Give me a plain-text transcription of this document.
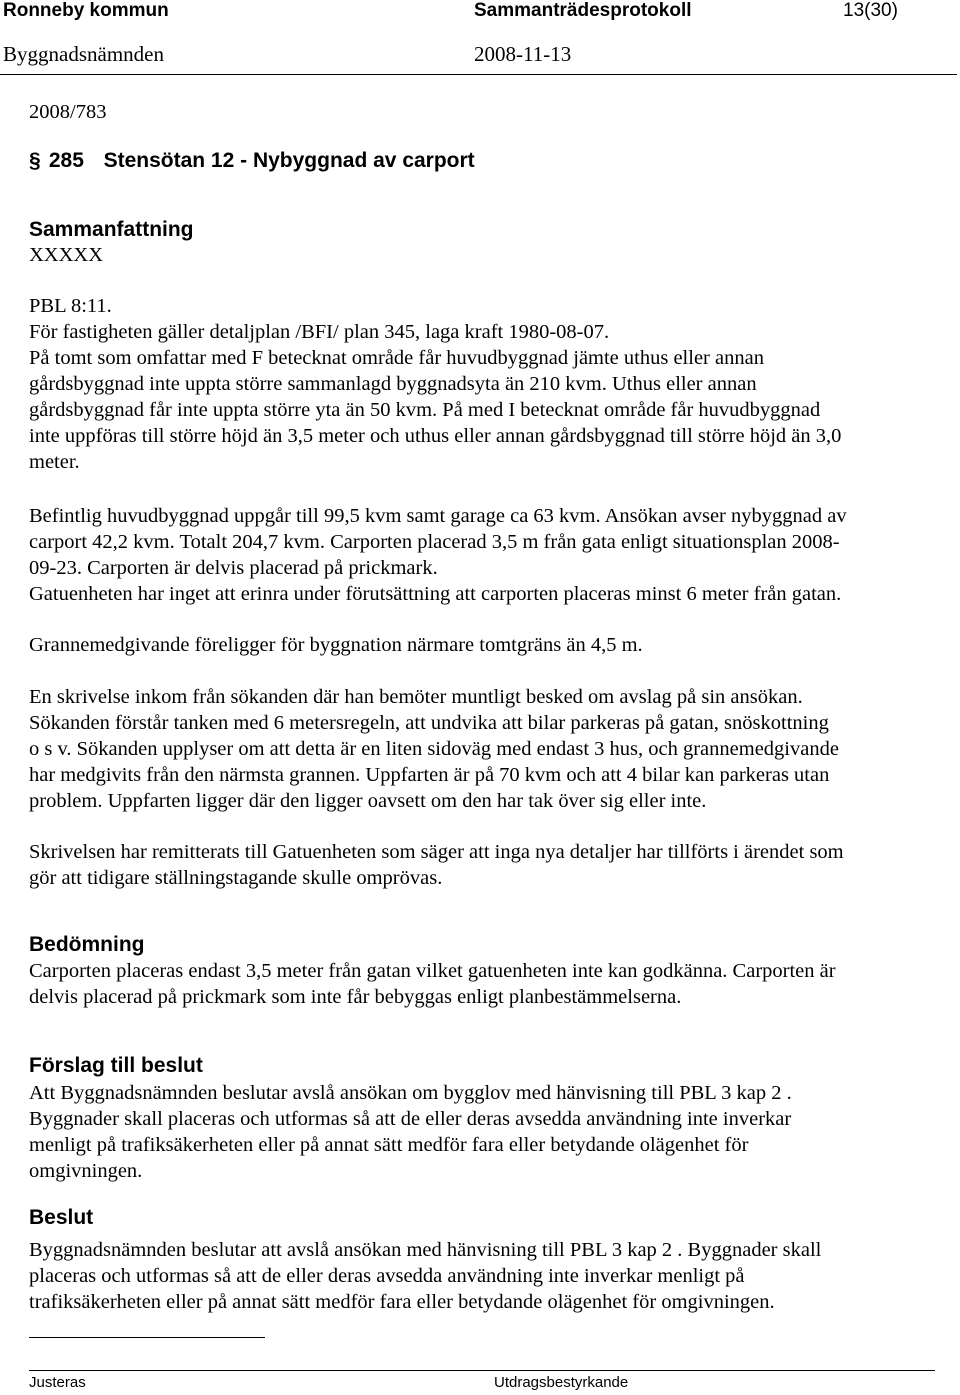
Ronneby kommun	Sammanträdesprotokoll	13(30)
Byggnadsnämnden	2008-11-13
2008/783
§ 285 Stensötan 12 - Nybyggnad av carport
Sammanfattning
XXXXX

PBL 8:11.

För fastigheten gäller detaljplan /BFI/ plan 345, laga kraft 1980-08-07.

På tomt som omfattar med F betecknat område får huvudbyggnad jämte uthus eller annan

gårdsbyggnad inte uppta större sammanlagd byggnadsyta än 210 kvm. Uthus eller annan

gårdsbyggnad får inte uppta större yta än 50 kvm. På med I betecknat område får huvudbyggnad

inte uppföras till större höjd än 3,5 meter och uthus eller annan gårdsbyggnad till större höjd än 3,0

meter.

Befintlig huvudbyggnad uppgår till 99,5 kvm samt garage ca 63 kvm. Ansökan avser nybyggnad av

carport 42,2 kvm. Totalt 204,7 kvm. Carporten placerad 3,5 m från gata enligt situationsplan 2008-

09-23. Carporten är delvis placerad på prickmark.

Gatuenheten har inget att erinra under förutsättning att carporten placeras minst 6 meter från gatan.

Grannemedgivande föreligger för byggnation närmare tomtgräns än 4,5 m.

En skrivelse inkom från sökanden där han bemöter muntligt besked om avslag på sin ansökan.

Sökanden förstår tanken med 6 metersregeln, att undvika att bilar parkeras på gatan, snöskottning

o s v. Sökanden upplyser om att detta är en liten sidoväg med endast 3 hus, och grannemedgivande

har medgivits från den närmsta grannen. Uppfarten är på 70 kvm och att 4 bilar kan parkeras utan

problem. Uppfarten ligger där den ligger oavsett om den har tak över sig eller inte.

Skrivelsen har remitterats till Gatuenheten som säger att inga nya detaljer har tillförts i ärendet som

gör att tidigare ställningstagande skulle omprövas.

Bedömning

Carporten placeras endast 3,5 meter från gatan vilket gatuenheten inte kan godkänna. Carporten är

delvis placerad på prickmark som inte får bebyggas enligt planbestämmelserna.

Förslag till beslut

Att Byggnadsnämnden beslutar avslå ansökan om bygglov med hänvisning till PBL 3 kap 2 .

Byggnader skall placeras och utformas så att de eller deras avsedda användning inte inverkar

menligt på trafiksäkerheten eller på annat sätt medför fara eller betydande olägenhet för

omgivningen.

Beslut

Byggnadsnämnden beslutar att avslå ansökan med hänvisning till PBL 3 kap 2 . Byggnader skall

placeras och utformas så att de eller deras avsedda användning inte inverkar menligt på

trafiksäkerheten eller på annat sätt medför fara eller betydande olägenhet för omgivningen.

Justeras	Utdragsbestyrkande
